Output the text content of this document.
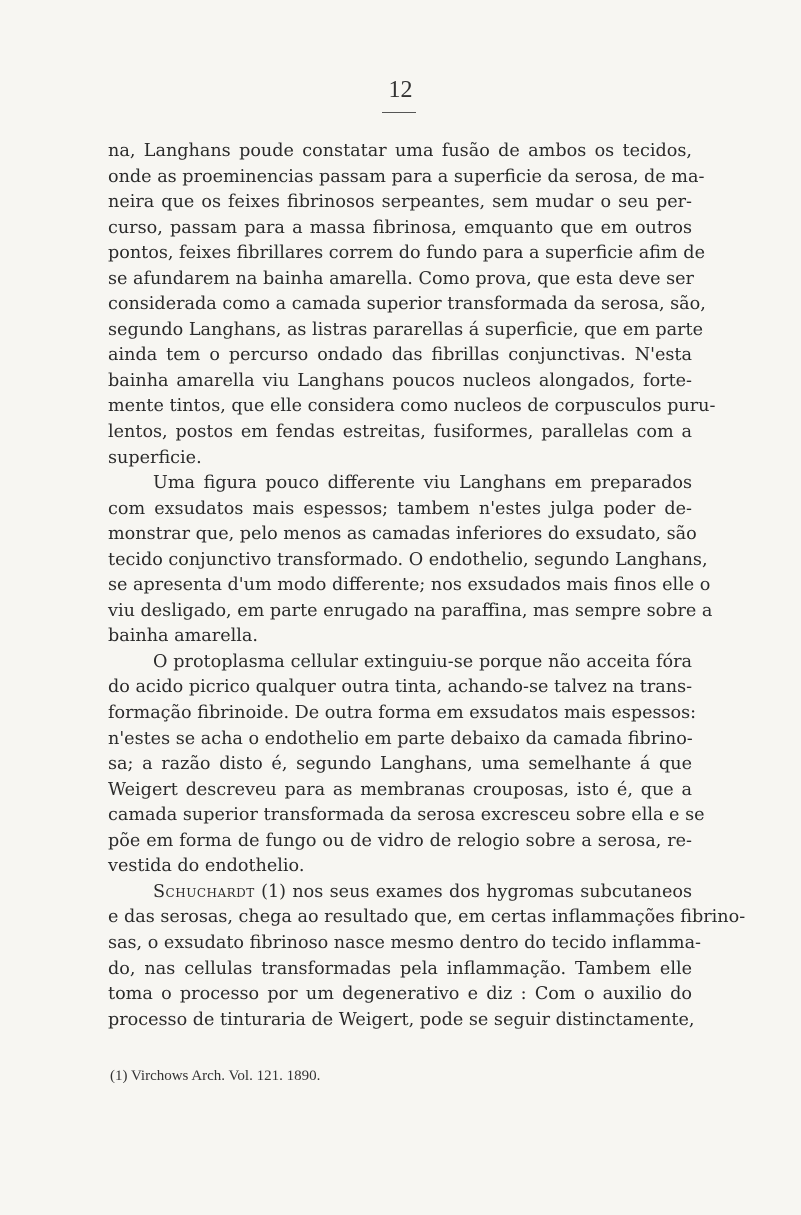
12
na, Langhans poude constatar uma fusão de ambos os tecidos,
onde as proeminencias passam para a superficie da serosa, de ma-
neira que os feixes fibrinosos serpeantes, sem mudar o seu per-
curso, passam para a massa fibrinosa, emquanto que em outros
pontos, feixes fibrillares correm do fundo para a superficie afim de
se afundarem na bainha amarella. Como prova, que esta deve ser
considerada como a camada superior transformada da serosa, são,
segundo Langhans, as listras pararellas á superficie, que em parte
ainda tem o percurso ondado das fibrillas conjunctivas. N'esta
bainha amarella viu Langhans poucos nucleos alongados, forte-
mente tintos, que elle considera como nucleos de corpusculos puru-
lentos, postos em fendas estreitas, fusiformes, parallelas com a
superficie.
Uma figura pouco differente viu Langhans em preparados
com exsudatos mais espessos; tambem n'estes julga poder de-
monstrar que, pelo menos as camadas inferiores do exsudato, são
tecido conjunctivo transformado. O endothelio, segundo Langhans,
se apresenta d'um modo differente; nos exsudados mais finos elle o
viu desligado, em parte enrugado na paraffina, mas sempre sobre a
bainha amarella.
O protoplasma cellular extinguiu-se porque não acceita fóra
do acido picrico qualquer outra tinta, achando-se talvez na trans-
formação fibrinoide. De outra forma em exsudatos mais espessos:
n'estes se acha o endothelio em parte debaixo da camada fibrino-
sa; a razão disto é, segundo Langhans, uma semelhante á que
Weigert descreveu para as membranas crouposas, isto é, que a
camada superior transformada da serosa excresceu sobre ella e se
põe em forma de fungo ou de vidro de relogio sobre a serosa, re-
vestida do endothelio.
Schuchardt (1) nos seus exames dos hygromas subcutaneos
e das serosas, chega ao resultado que, em certas inflammações fibrino-
sas, o exsudato fibrinoso nasce mesmo dentro do tecido inflamma-
do, nas cellulas transformadas pela inflammação. Tambem elle
toma o processo por um degenerativo e diz : Com o auxilio do
processo de tinturaria de Weigert, pode se seguir distinctamente,
(1) Virchows Arch. Vol. 121. 1890.
